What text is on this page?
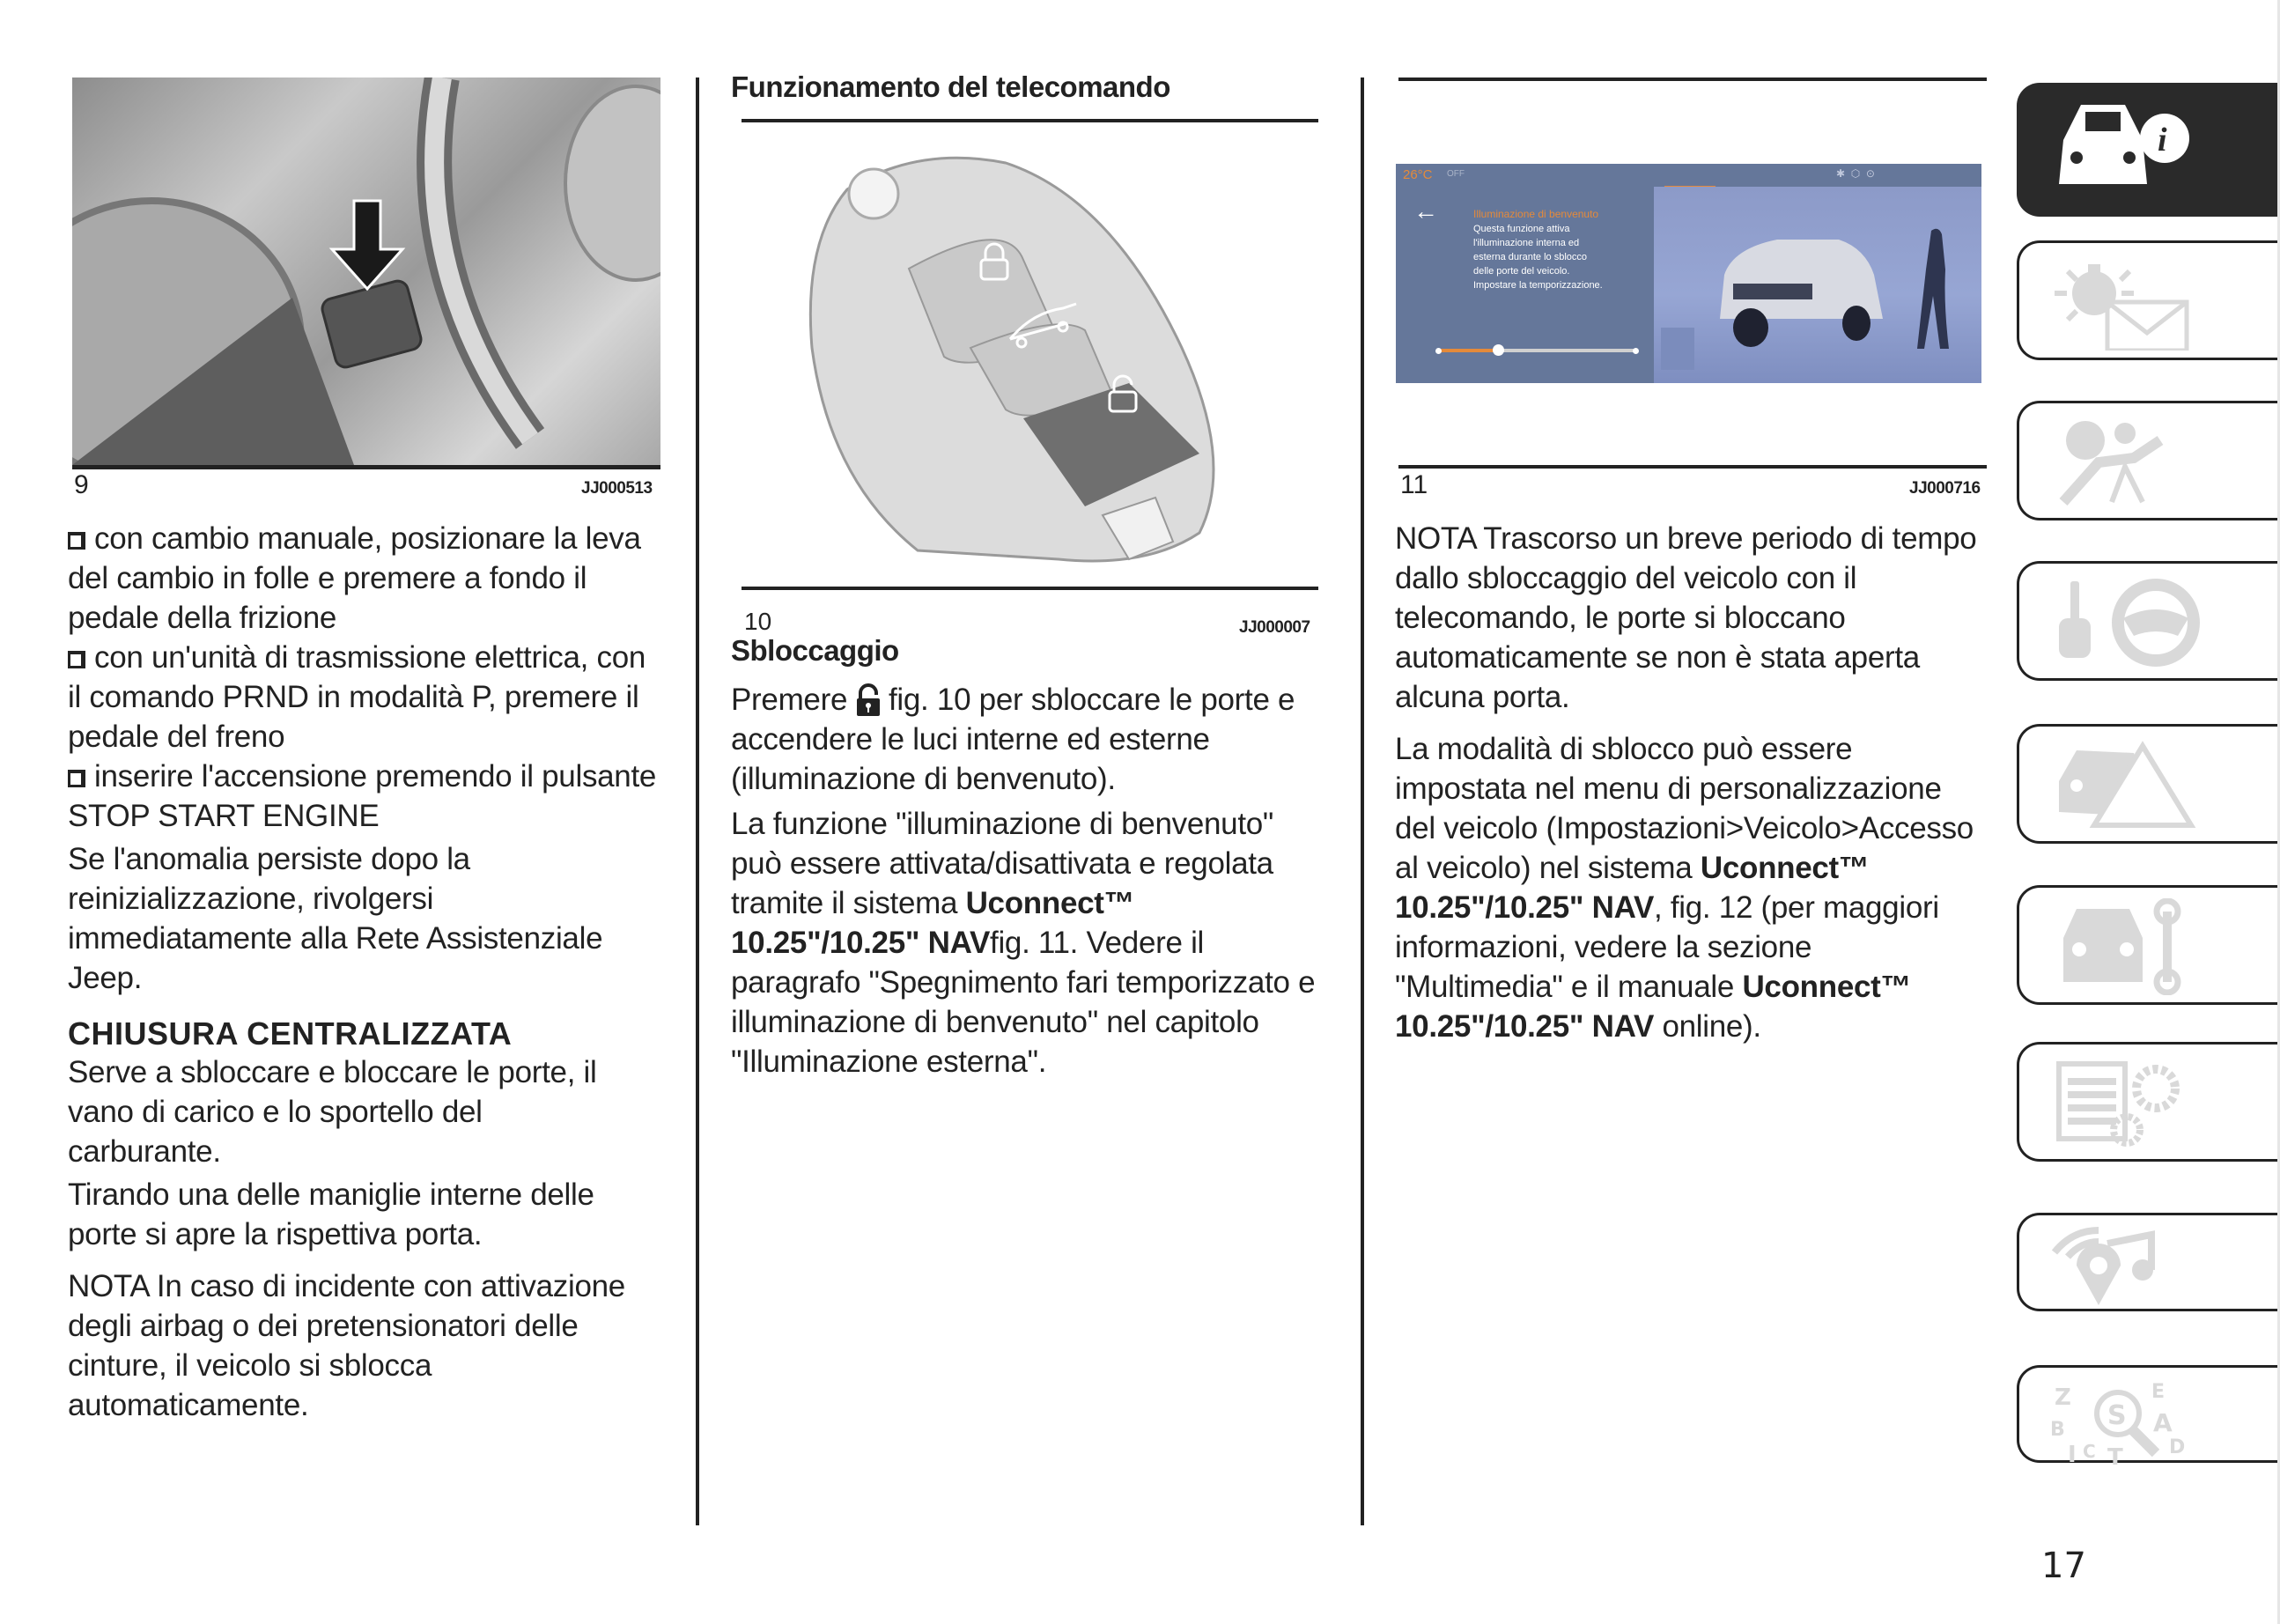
9	JJ000513

con cambio manuale, posizionare la leva del cambio in folle e premere a fondo il pedale della frizione

con un'unità di trasmissione elettrica, con il comando PRND in modalità P, premere il pedale del freno

inserire l'accensione premendo il pulsante STOP START ENGINE

Se l'anomalia persiste dopo la reinizializzazione, rivolgersi immediatamente alla Rete Assistenziale Jeep.

CHIUSURA CENTRALIZZATA

Serve a sbloccare e bloccare le porte, il vano di carico e lo sportello del carburante.

Tirando una delle maniglie interne delle porte si apre la rispettiva porta.

NOTA In caso di incidente con attivazione degli airbag o dei pretensionatori delle cinture, il veicolo si sblocca automaticamente.

Funzionamento del telecomando
10	JJ000007
Sbloccaggio

Premere fig. 10 per sbloccare le porte e accendere le luci interne ed esterne (illuminazione di benvenuto).

La funzione "illuminazione di benvenuto" può essere attivata/disattivata e regolata tramite il sistema Uconnect™ 10.25"/10.25" NAVfig. 11. Vedere il paragrafo "Spegnimento fari temporizzato e illuminazione di benvenuto" nel capitolo "Illuminazione esterna".

26°C OFF	✱ ⬡ ⊙
←	Illuminazione di benvenuto
Questa funzione attiva l'illuminazione interna ed esterna durante lo sblocco delle porte del veicolo. Impostare la temporizzazione.
11	JJ000716

NOTA Trascorso un breve periodo di tempo dallo sbloccaggio del veicolo con il telecomando, le porte si bloccano automaticamente se non è stata aperta alcuna porta.

La modalità di sblocco può essere impostata nel menu di personalizzazione del veicolo (Impostazioni>Veicolo>Accesso al veicolo) nel sistema Uconnect™ 10.25"/10.25" NAV, fig. 12 (per maggiori informazioni, vedere la sezione "Multimedia" e il manuale Uconnect™ 10.25"/10.25" NAV online).

i
Z
B
I C T
E
A
D
S
17
